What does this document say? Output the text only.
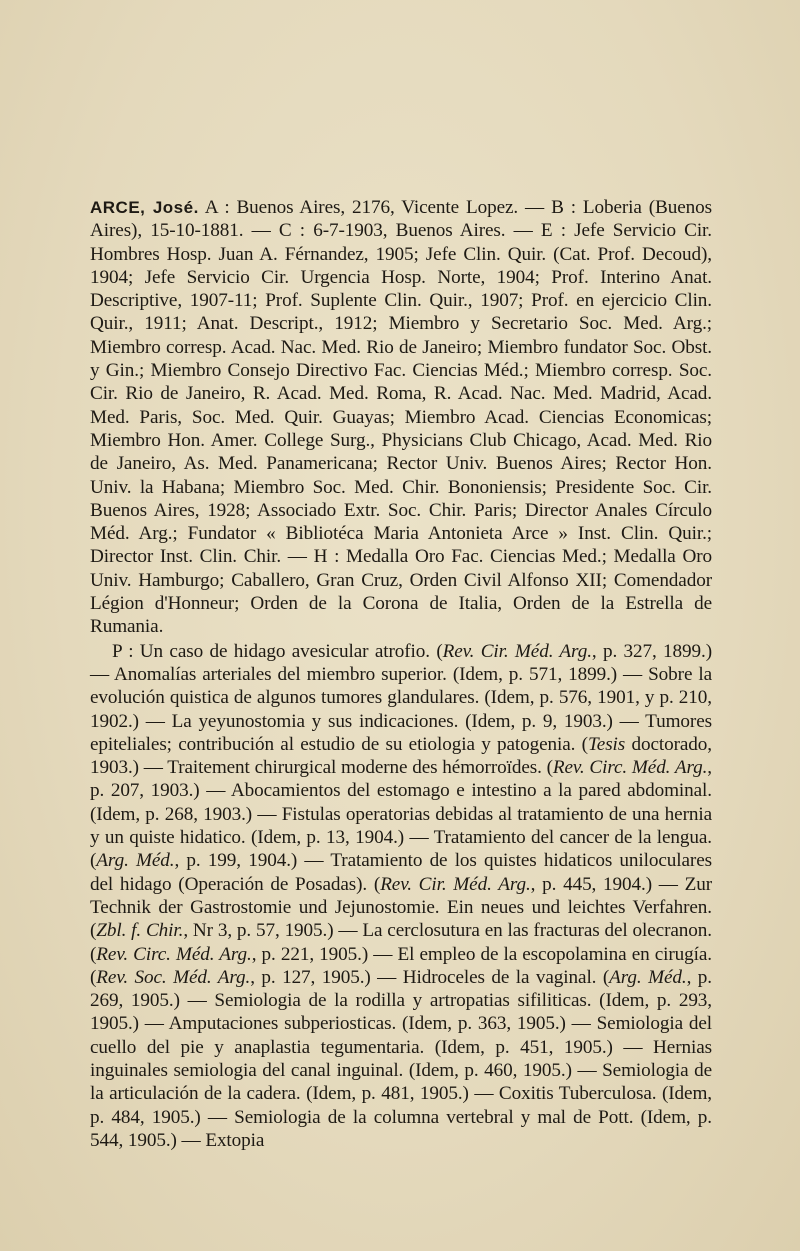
ARCE, José. A : Buenos Aires, 2176, Vicente Lopez. — B : Loberia (Buenos Aires), 15-10-1881. — C : 6-7-1903, Buenos Aires. — E : Jefe Servicio Cir. Hombres Hosp. Juan A. Férnandez, 1905; Jefe Clin. Quir. (Cat. Prof. Decoud), 1904; Jefe Servicio Cir. Urgencia Hosp. Norte, 1904; Prof. Interino Anat. Descriptive, 1907-11; Prof. Suplente Clin. Quir., 1907; Prof. en ejercicio Clin. Quir., 1911; Anat. Descript., 1912; Miembro y Secretario Soc. Med. Arg.; Miembro corresp. Acad. Nac. Med. Rio de Janeiro; Miembro fundator Soc. Obst. y Gin.; Miembro Consejo Directivo Fac. Ciencias Méd.; Miembro corresp. Soc. Cir. Rio de Janeiro, R. Acad. Med. Roma, R. Acad. Nac. Med. Madrid, Acad. Med. Paris, Soc. Med. Quir. Guayas; Miembro Acad. Ciencias Economicas; Miembro Hon. Amer. College Surg., Physicians Club Chicago, Acad. Med. Rio de Janeiro, As. Med. Panamericana; Rector Univ. Buenos Aires; Rector Hon. Univ. la Habana; Miembro Soc. Med. Chir. Bononiensis; Presidente Soc. Cir. Buenos Aires, 1928; Associado Extr. Soc. Chir. Paris; Director Anales Círculo Méd. Arg.; Fundator « Bibliotéca Maria Antonieta Arce » Inst. Clin. Quir.; Director Inst. Clin. Chir. — H : Medalla Oro Fac. Ciencias Med.; Medalla Oro Univ. Hamburgo; Caballero, Gran Cruz, Orden Civil Alfonso XII; Comendador Légion d'Honneur; Orden de la Corona de Italia, Orden de la Estrella de Rumania.

P : Un caso de hidago avesicular atrofio. (Rev. Cir. Méd. Arg., p. 327, 1899.) — Anomalías arteriales del miembro superior. (Idem, p. 571, 1899.) — Sobre la evolución quistica de algunos tumores glandulares. (Idem, p. 576, 1901, y p. 210, 1902.) — La yeyunostomia y sus indicaciones. (Idem, p. 9, 1903.) — Tumores epiteliales; contribución al estudio de su etiologia y patogenia. (Tesis doctorado, 1903.) — Traitement chirurgical moderne des hémorroïdes. (Rev. Circ. Méd. Arg., p. 207, 1903.) — Abocamientos del estomago e intestino a la pared abdominal. (Idem, p. 268, 1903.) — Fistulas operatorias debidas al tratamiento de una hernia y un quiste hidatico. (Idem, p. 13, 1904.) — Tratamiento del cancer de la lengua. (Arg. Méd., p. 199, 1904.) — Tratamiento de los quistes hidaticos uniloculares del hidago (Operación de Posadas). (Rev. Cir. Méd. Arg., p. 445, 1904.) — Zur Technik der Gastrostomie und Jejunostomie. Ein neues und leichtes Verfahren. (Zbl. f. Chir., Nr 3, p. 57, 1905.) — La cerclosutura en las fracturas del olecranon. (Rev. Circ. Méd. Arg., p. 221, 1905.) — El empleo de la escopolamina en cirugía. (Rev. Soc. Méd. Arg., p. 127, 1905.) — Hidroceles de la vaginal. (Arg. Méd., p. 269, 1905.) — Semiologia de la rodilla y artropatias sifiliticas. (Idem, p. 293, 1905.) — Amputaciones subperiosticas. (Idem, p. 363, 1905.) — Semiologia del cuello del pie y anaplastia tegumentaria. (Idem, p. 451, 1905.) — Hernias inguinales semiologia del canal inguinal. (Idem, p. 460, 1905.) — Semiologia de la articulación de la cadera. (Idem, p. 481, 1905.) — Coxitis Tuberculosa. (Idem, p. 484, 1905.) — Semiologia de la columna vertebral y mal de Pott. (Idem, p. 544, 1905.) — Extopia
